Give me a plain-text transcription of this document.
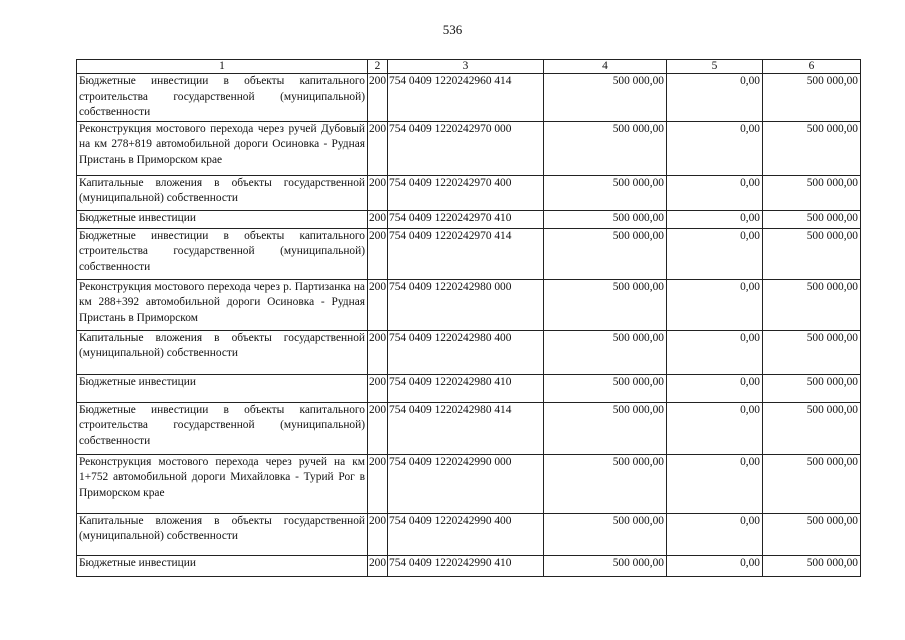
536
1	2	3	4	5	6
Бюджетные инвестиции в объекты капитального строительства государственной (муниципальной) собственности	200	754 0409 1220242960 414	500 000,00	0,00	500 000,00
Реконструкция мостового перехода через ручей Дубовый на км 278+819 автомобильной дороги Осиновка - Рудная Пристань в Приморском крае	200	754 0409 1220242970 000	500 000,00	0,00	500 000,00
Капитальные вложения в объекты государственной (муниципальной) собственности	200	754 0409 1220242970 400	500 000,00	0,00	500 000,00
Бюджетные инвестиции	200	754 0409 1220242970 410	500 000,00	0,00	500 000,00
Бюджетные инвестиции в объекты капитального строительства государственной (муниципальной) собственности	200	754 0409 1220242970 414	500 000,00	0,00	500 000,00
Реконструкция мостового перехода через р. Партизанка на км 288+392 автомобильной дороги Осиновка - Рудная Пристань в Приморском	200	754 0409 1220242980 000	500 000,00	0,00	500 000,00
Капитальные вложения в объекты государственной (муниципальной) собственности	200	754 0409 1220242980 400	500 000,00	0,00	500 000,00
Бюджетные инвестиции	200	754 0409 1220242980 410	500 000,00	0,00	500 000,00
Бюджетные инвестиции в объекты капитального строительства государственной (муниципальной) собственности	200	754 0409 1220242980 414	500 000,00	0,00	500 000,00
Реконструкция мостового перехода через ручей на км 1+752 автомобильной дороги Михайловка - Турий Рог в Приморском крае	200	754 0409 1220242990 000	500 000,00	0,00	500 000,00
Капитальные вложения в объекты государственной (муниципальной) собственности	200	754 0409 1220242990 400	500 000,00	0,00	500 000,00
Бюджетные инвестиции	200	754 0409 1220242990 410	500 000,00	0,00	500 000,00
